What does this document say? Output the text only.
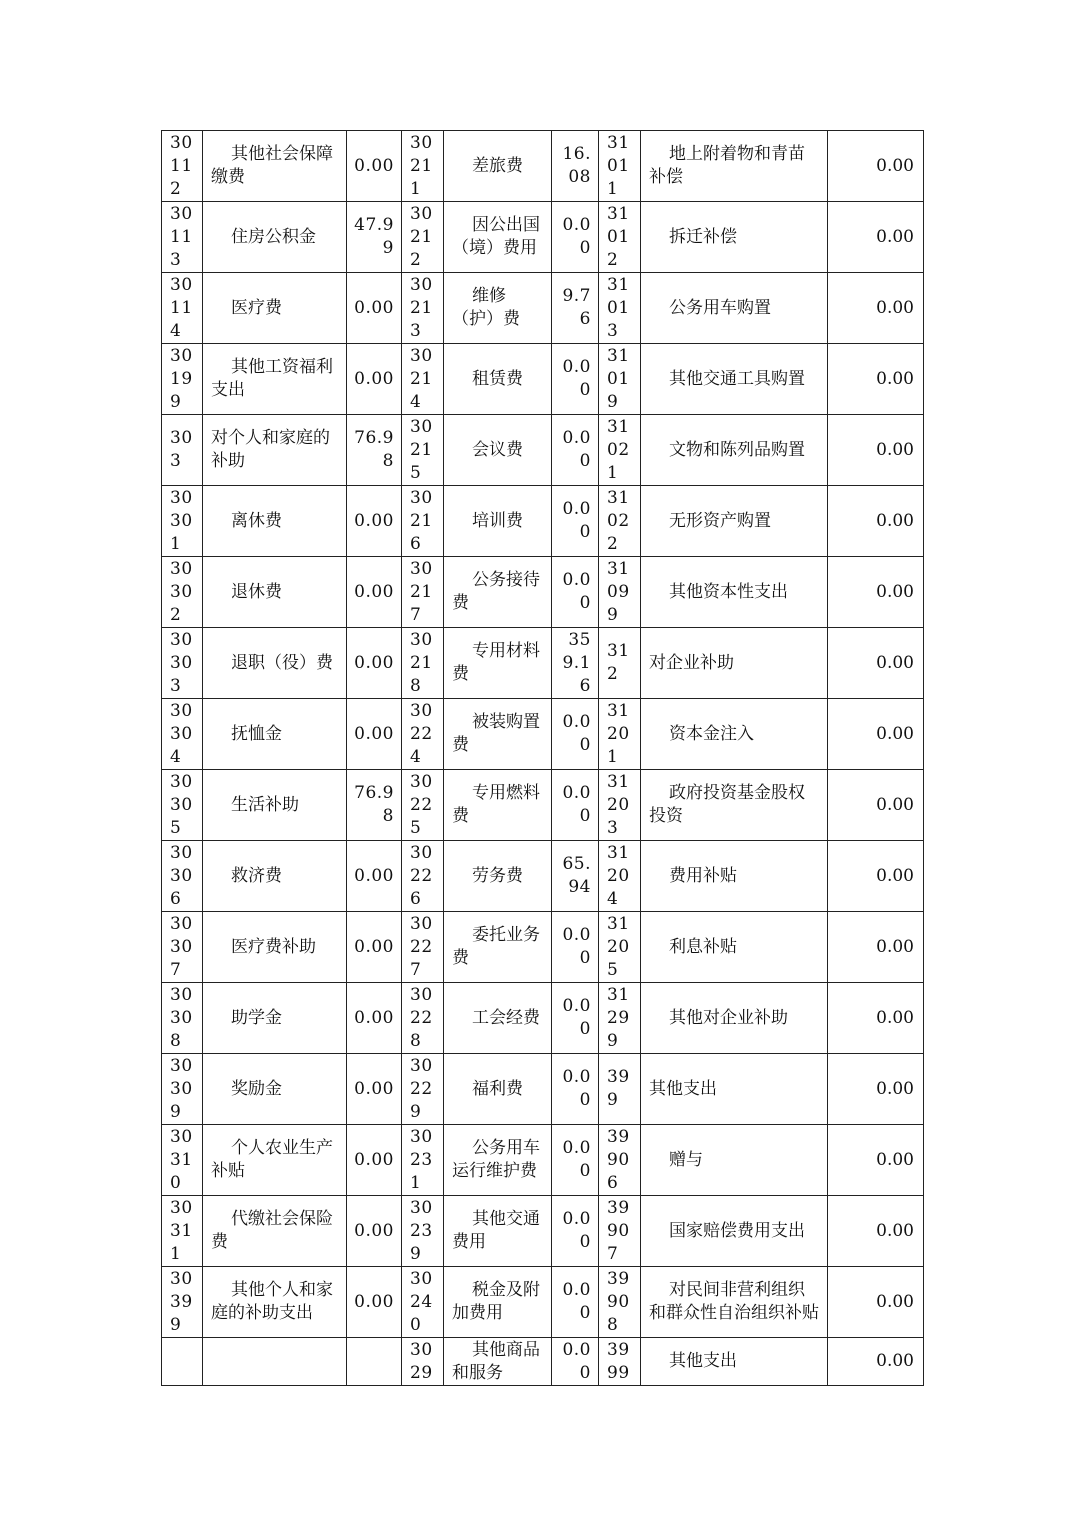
30112	其他社会保障缴费	0.00	30211	差旅费	16.08	31011	地上附着物和青苗补偿	0.00
30113	住房公积金	47.99	30212	因公出国（境）费用	0.00	31012	拆迁补偿	0.00
30114	医疗费	0.00	30213	维修（护）费	9.76	31013	公务用车购置	0.00
30199	其他工资福利支出	0.00	30214	租赁费	0.00	31019	其他交通工具购置	0.00
303	对个人和家庭的补助	76.98	30215	会议费	0.00	31021	文物和陈列品购置	0.00
30301	离休费	0.00	30216	培训费	0.00	31022	无形资产购置	0.00
30302	退休费	0.00	30217	公务接待费	0.00	31099	其他资本性支出	0.00
30303	退职（役）费	0.00	30218	专用材料费	359.16	312	对企业补助	0.00
30304	抚恤金	0.00	30224	被装购置费	0.00	31201	资本金注入	0.00
30305	生活补助	76.98	30225	专用燃料费	0.00	31203	政府投资基金股权投资	0.00
30306	救济费	0.00	30226	劳务费	65.94	31204	费用补贴	0.00
30307	医疗费补助	0.00	30227	委托业务费	0.00	31205	利息补贴	0.00
30308	助学金	0.00	30228	工会经费	0.00	31299	其他对企业补助	0.00
30309	奖励金	0.00	30229	福利费	0.00	399	其他支出	0.00
30310	个人农业生产补贴	0.00	30231	公务用车运行维护费	0.00	39906	赠与	0.00
30311	代缴社会保险费	0.00	30239	其他交通费用	0.00	39907	国家赔偿费用支出	0.00
30399	其他个人和家庭的补助支出	0.00	30240	税金及附加费用	0.00	39908	对民间非营利组织和群众性自治组织补贴	0.00
			3029	其他商品和服务	0.00	3999	其他支出	0.00
